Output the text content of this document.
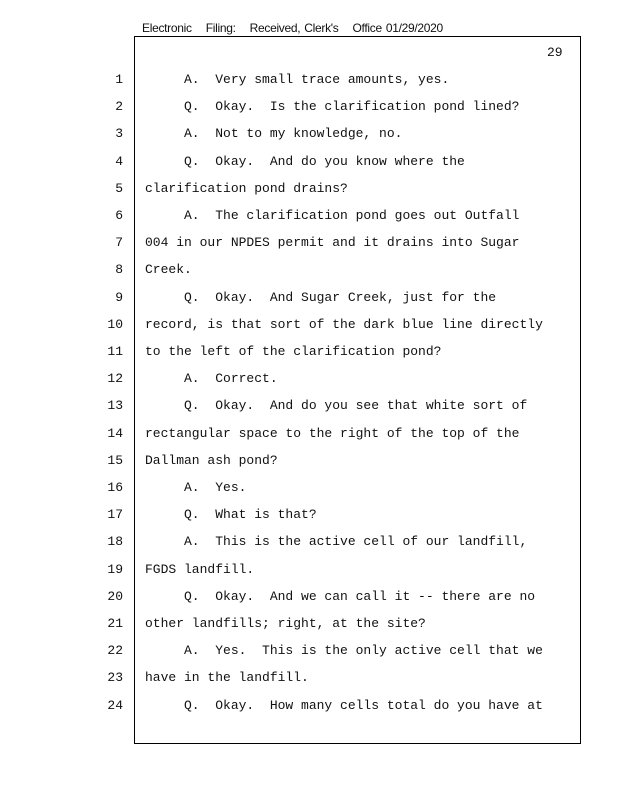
Electronic Filing: Received, Clerk's Office 01/29/2020
29
1 A.  Very small trace amounts, yes.
2 Q.  Okay.  Is the clarification pond lined?
3 A.  Not to my knowledge, no.
4 Q.  Okay.  And do you know where the
5 clarification pond drains?
6 A.  The clarification pond goes out Outfall
7 004 in our NPDES permit and it drains into Sugar
8 Creek.
9 Q.  Okay.  And Sugar Creek, just for the
10 record, is that sort of the dark blue line directly
11 to the left of the clarification pond?
12 A.  Correct.
13 Q.  Okay.  And do you see that white sort of
14 rectangular space to the right of the top of the
15 Dallman ash pond?
16 A.  Yes.
17 Q.  What is that?
18 A.  This is the active cell of our landfill,
19 FGDS landfill.
20 Q.  Okay.  And we can call it -- there are no
21 other landfills; right, at the site?
22 A.  Yes.  This is the only active cell that we
23 have in the landfill.
24 Q.  Okay.  How many cells total do you have at
